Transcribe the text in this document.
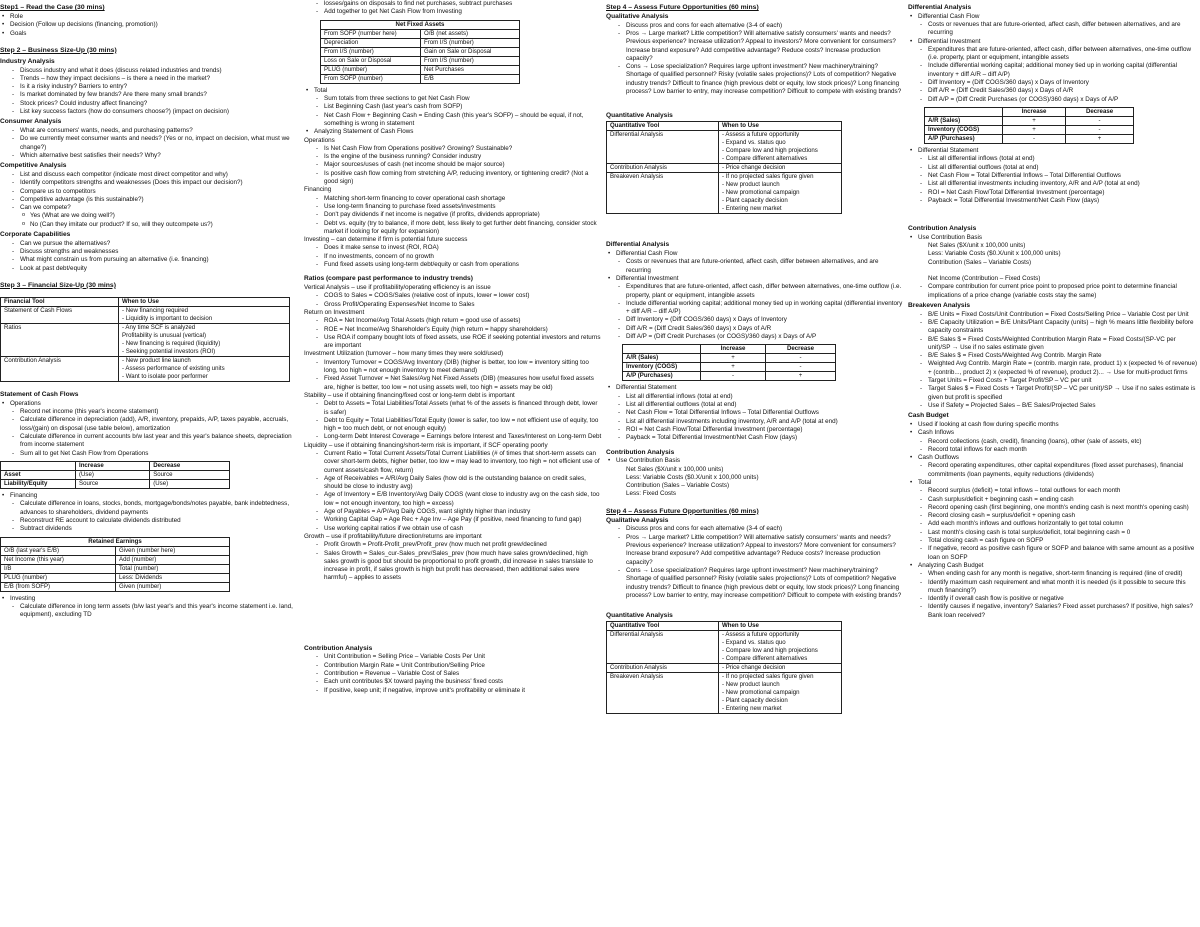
Step1 – Read the Case (30 mins)
• Role
• Decision (Follow up decisions (financing, promotion))
• Goals
Step 2 – Business Size-Up (30 mins)
Industry Analysis
- Discuss industry and what it does (discuss related industries and trends)
- Trends – how they impact decisions – is there a need in the market?
- Is it a risky industry? Barriers to entry?
- Is market dominated by few brands? Are there many small brands?
- Stock prices? Could industry affect financing?
- List key success factors (how do consumers choose?) (impact on decision)
Consumer Analysis
- What are consumers' wants, needs, and purchasing patterns?
- Do we currently meet consumer wants and needs? (Yes or no, impact on decision, what must we change?)
- Which alternative best satisfies their needs? Why?
Competitive Analysis
- List and discuss each competitor (indicate most direct competitor and why)
- Identify competitors strengths and weaknesses (Does this impact our decision?)
- Compare us to competitors
- Competitive advantage (is this sustainable?)
- Can we compete?
o Yes (What are we doing well?)
o No (Can they imitate our product? If so, will they outcompete us?)
Corporate Capabilities
- Can we pursue the alternatives?
- Discuss strengths and weaknesses
- What might constrain us from pursuing an alternative (i.e. financing)
- Look at past debt/equity
Step 3 – Financial Size-Up (30 mins)
Financial Tool	When to Use
Statement of Cash Flows	- New financing required
- Liquidity is important to decision
Ratios	- Any time SCF is analyzed
Profitability is unusual (vertical)
- New financing is required (liquidity)
- Seeking potential investors (ROI)
Contribution Analysis	- New product line launch
- Assess performance of existing units
- Want to isolate poor performer
Statement of Cash Flows
• Operations
- Record net income (this year's income statement)
- Calculate difference in depreciation (add), A/R, inventory, prepaids, A/P, taxes payable, accruals, loss/(gain) on disposal (use table below), amortization
- Calculate difference in current accounts b/w last year and this year's balance sheets, depreciation from income statement
- Sum all to get Net Cash Flow from Operations
	Increase	Decrease
Asset	(Use)	Source
Liability/Equity	Source	(Use)
• Financing
- Calculate difference in loans, stocks, bonds, mortgage/bonds/notes payable, bank indebtedness, advances to shareholders, dividend payments
- Reconstruct RE account to calculate dividends distributed
- Subtract dividends
Retained Earnings	
O/B (last year's E/B)	Given (number here)
Net Income (this year)	Add (number)
I/B	Total (number)
PLUG (number)	Less: Dividends
E/B (from SOFP)	Given (number)
• Investing
- Calculate difference in long term assets (b/w last year's and this year's income statement i.e. land, equipment), excluding TD
- losses/gains on disposals to find net purchases, subtract purchases
- Add together to get Net Cash Flow from Investing
Net Fixed Assets	
From SOFP (number here)	O/B (net assets)
Depreciation	From I/S (number)
From I/S (number)	Gain on Sale or Disposal
Loss on Sale or Disposal	From I/S (number)
PLUG (number)	Net Purchases
From SOFP (number)	E/B
• Total
- Sum totals from three sections to get Net Cash Flow
- List Beginning Cash (last year's cash from SOFP)
- Net Cash Flow + Beginning Cash = Ending Cash (this year's SOFP) – should be equal, if not, something is wrong in statement
• Analyzing Statement of Cash Flows
Operations
- Is Net Cash Flow from Operations positive? Growing? Sustainable?
- Is the engine of the business running? Consider industry
- Major sources/uses of cash (net income should be major source)
- Is positive cash flow coming from stretching A/P, reducing inventory, or tightening credit? (Not a good sign)
Financing
- Matching short-term financing to cover operational cash shortage
- Use long-term financing to purchase fixed assets/investments
- Don't pay dividends if net income is negative (if profits, dividends appropriate)
- Debt vs. equity (try to balance, if more debt, less likely to get further debt financing, consider stock market if looking for equity for expansion)
Investing – can determine if firm is potential future success
- Does it make sense to invest (ROI, ROA)
- If no investments, concern of no growth
- Fund fixed assets using long-term debt/equity or cash from operations
Ratios (compare past performance to industry trends)
Vertical Analysis – use if profitability/operating efficiency is an issue
- COGS to Sales = COGS/Sales (relative cost of inputs, lower = lower cost)
- Gross Profit/Operating Expenses/Net Income to Sales
Return on Investment
- ROA = Net Income/Avg Total Assets (high return = good use of assets)
- ROE = Net Income/Avg Shareholder's Equity (high return = happy shareholders)
- Use ROA if company bought lots of fixed assets, use ROE if seeking potential investors and returns are important
Investment Utilization (turnover – how many times they were sold/used)
- Inventory Turnover = COGS/Avg Inventory (DIB) (higher is better, too low = inventory sitting too long, too high = not enough inventory to meet demand)
- Fixed Asset Turnover = Net Sales/Avg Net Fixed Assets (DIB) (measures how useful fixed assets are, higher is better, too low = not using assets well, too high = assets may be old)
Stability – use if obtaining financing/fixed cost or long-term debt is important
- Debt to Assets = Total Liabilities/Total Assets (what % of the assets is financed through debt, lower is safer)
- Debt to Equity = Total Liabilities/Total Equity (lower is safer, too low = not efficient use of equity, too high = too much debt, or not enough equity)
- Long-term Debt Interest Coverage = Earnings before Interest and Taxes/Interest on Long-term Debt
Liquidity – use if obtaining financing/short-term risk is important, if SCF operating poorly
- Current Ratio = Total Current Assets/Total Current Liabilities (# of times that short-term assets can cover short-term debts, higher better, too low = may lead to inventory, too high = not efficient use of current assets/cash flow, return)
- Age of Receivables = A/R/Avg Daily Sales (how old is the outstanding balance on credit sales, should be close to industry avg)
- Age of Inventory = E/B Inventory/Avg Daily COGS (want close to industry avg on the cash side, too low = not enough inventory, too high = excess)
- Age of Payables = A/P/Avg Daily COGS, want slightly higher than industry
- Working Capital Gap = Age Rec + Age Inv – Age Pay (if positive, need financing to fund gap)
- Use working capital ratios if we obtain use of cash
Growth – use if profitability/future direction/returns are important
- Profit Growth = Profit-Profit_prev/Profit_prev (how much net profit grew/declined
- Sales Growth = Sales_cur-Sales_prev/Sales_prev (how much have sales grown/declined, high sales growth is good but should be proportional to profit growth, did increase in sales translate to increase in profit, if sales growth is high but profit has decreased, then additional sales were harmful) – applies to assets
Contribution Analysis
- Unit Contribution = Selling Price – Variable Costs Per Unit
- Contribution Margin Rate = Unit Contribution/Selling Price
- Contribution = Revenue – Variable Cost of Sales
- Each unit contributes $X toward paying the business' fixed costs
- If positive, keep unit; if negative, improve unit's profitability or eliminate it
Step 4 – Assess Future Opportunities (60 mins)
Qualitative Analysis
- Discuss pros and cons for each alternative (3-4 of each)
- Pros → Large market? Little competition? Will alternative satisfy consumers' wants and needs? Previous experience? Increase utilization? Appeal to investors? More convenient for consumers? Increase brand exposure? Add competitive advantage? Reduce costs? Increase production capacity?
- Cons → Lose specialization? Requires large upfront investment? New machinery/training? Shortage of qualified personnel? Risky (volatile sales projections)? Lots of competition? Negative industry trends? Difficult to finance (high previous debt or equity, low stock prices)? Long financing process? Low barrier to entry, may increase competition? Difficult to compete with existing brands?
Quantitative Analysis
Quantitative Tool	When to Use
Differential Analysis	- Assess a future opportunity
- Expand vs. status quo
- Compare low and high projections
- Compare different alternatives
Contribution Analysis	- Price change decision
Breakeven Analysis	- If no projected sales figure given
- New product launch
- New promotional campaign
- Plant capacity decision
- Entering new market
Differential Analysis
• Differential Cash Flow
- Costs or revenues that are future-oriented, affect cash, differ between alternatives, and are recurring
• Differential Investment
- Expenditures that are future-oriented, affect cash, differ between alternatives, one-time outflow (i.e. property, plant or equipment, intangible assets
- Include differential working capital; additional money tied up in working capital (differential inventory + diff A/R – diff A/P)
- Diff Inventory = (Diff COGS/360 days) x Days of Inventory
- Diff A/R = (Diff Credit Sales/360 days) x Days of A/R
- Diff A/P = (Diff Credit Purchases (or COGS)/360 days) x Days of A/P
	Increase	Decrease
A/R (Sales)	+	-
Inventory (COGS)	+	-
A/P (Purchases)	-	+
• Differential Statement
- List all differential inflows (total at end)
- List all differential outflows (total at end)
- Net Cash Flow = Total Differential Inflows – Total Differential Outflows
- List all differential investments including inventory, A/R and A/P (total at end)
- ROI = Net Cash Flow/Total Differential Investment (percentage)
- Payback = Total Differential Investment/Net Cash Flow (days)
Contribution Analysis
• Use Contribution Basis
Net Sales ($X/unit x 100,000 units)
Less: Variable Costs ($0.X/unit x 100,000 units)
Contribution (Sales – Variable Costs)
Less: Fixed Costs
Step 4 – Assess Future Opportunities (60 mins)
Qualitative Analysis
- Discuss pros and cons for each alternative (3-4 of each)
- Pros → Large market? Little competition? Will alternative satisfy consumers' wants and needs? Previous experience? Increase utilization? Appeal to investors? More convenient for consumers? Increase brand exposure? Add competitive advantage? Reduce costs? Increase production capacity?
- Cons → Lose specialization? Requires large upfront investment? New machinery/training? Shortage of qualified personnel? Risky (volatile sales projections)? Lots of competition? Negative industry trends? Difficult to finance (high previous debt or equity, low stock prices)? Long financing process? Low barrier to entry, may increase competition? Difficult to compete with existing brands?
Quantitative Analysis
Quantitative Tool	When to Use
Differential Analysis	- Assess a future opportunity
- Expand vs. status quo
- Compare low and high projections
- Compare different alternatives
Contribution Analysis	- Price change decision
Breakeven Analysis	- If no projected sales figure given
- New product launch
- New promotional campaign
- Plant capacity decision
- Entering new market
Differential Analysis
• Differential Cash Flow
- Costs or revenues that are future-oriented, affect cash, differ between alternatives, and are recurring
• Differential Investment
- Expenditures that are future-oriented, affect cash, differ between alternatives, one-time outflow (i.e. property, plant or equipment, intangible assets
- Include differential working capital; additional money tied up in working capital (differential inventory + diff A/R – diff A/P)
- Diff Inventory = (Diff COGS/360 days) x Days of Inventory
- Diff A/R = (Diff Credit Sales/360 days) x Days of A/R
- Diff A/P = (Diff Credit Purchases (or COGS)/360 days) x Days of A/P
	Increase	Decrease
A/R (Sales)	+	-
Inventory (COGS)	+	-
A/P (Purchases)	-	+
• Differential Statement
- List all differential inflows (total at end)
- List all differential outflows (total at end)
- Net Cash Flow = Total Differential Inflows – Total Differential Outflows
- List all differential investments including inventory, A/R and A/P (total at end)
- ROI = Net Cash Flow/Total Differential Investment (percentage)
- Payback = Total Differential Investment/Net Cash Flow (days)
Contribution Analysis
• Use Contribution Basis
Net Sales ($X/unit x 100,000 units)
Less: Variable Costs ($0.X/unit x 100,000 units)
Contribution (Sales – Variable Costs)
Net Income (Contribution – Fixed Costs)
- Compare contribution for current price point to proposed price point to determine financial implications of a price change (variable costs stay the same)
Breakeven Analysis
- B/E Units = Fixed Costs/Unit Contribution = Fixed Costs/Selling Price – Variable Cost per Unit
- B/E Capacity Utilization = B/E Units/Plant Capacity (units) – high % means little flexibility before capacity constraints
- B/E Sales $ = Fixed Costs/Weighted Contribution Margin Rate = Fixed Costs/(SP-VC per unit)/SP → Use if no sales estimate given
- B/E Sales $ = Fixed Costs/Weighted Avg Contrib. Margin Rate
- Weighted Avg Contrib. Margin Rate = (contrib. margin rate, product 1) x (expected % of revenue) + (contrib..., product 2) x (expected % of revenue), product 2)... → Use for multi-product firms
- Target Units = Fixed Costs + Target Profit/SP – VC per unit
- Target Sales $ = Fixed Costs + Target Profit/(SP – VC per unit)/SP → Use if no sales estimate is given but profit is specified
- Use if Safety = Projected Sales – B/E Sales/Projected Sales
Cash Budget
• Used if looking at cash flow during specific months
• Cash Inflows
- Record collections (cash, credit), financing (loans), other (sale of assets, etc)
- Record total inflows for each month
• Cash Outflows
- Record operating expenditures, other capital expenditures (fixed asset purchases), financial commitments (loan payments, equity reductions (dividends)
• Total
- Record surplus (deficit) = total inflows – total outflows for each month
- Cash surplus/deficit + beginning cash = ending cash
- Record opening cash (first beginning, one month's ending cash is next month's opening cash)
- Record closing cash = surplus/deficit + opening cash
- Add each month's inflows and outflows horizontally to get total column
- Last month's closing cash is total surplus/deficit, total beginning cash = 0
- Total closing cash = cash figure on SOFP
- If negative, record as positive cash figure or SOFP and balance with same amount as a positive loan on SOFP
• Analyzing Cash Budget
- When ending cash for any month is negative, short-term financing is required (line of credit)
- Identify maximum cash requirement and what month it is needed (is it possible to secure this much financing?)
- Identify if overall cash flow is positive or negative
- Identify causes if negative, inventory? Salaries? Fixed asset purchases? If positive, high sales? Bank loan received?
